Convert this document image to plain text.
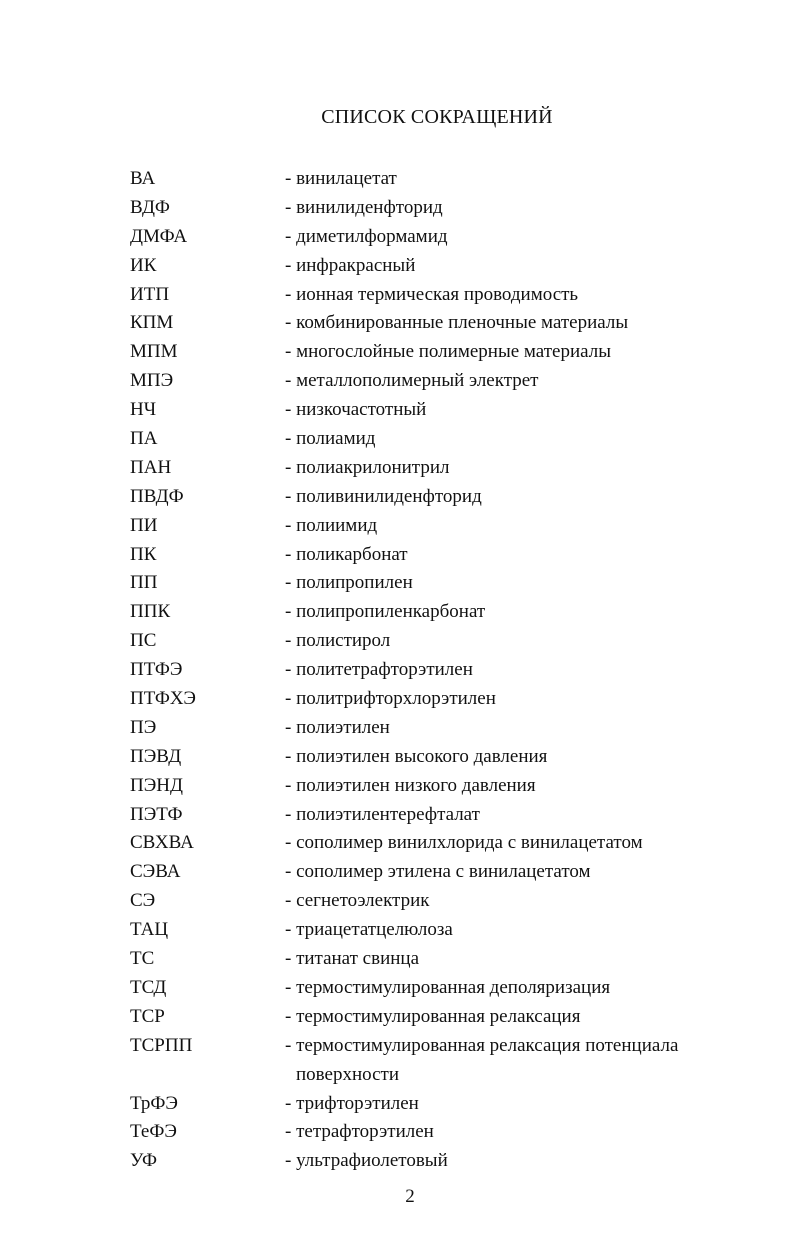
СПИСОК СОКРАЩЕНИЙ
ВА	- винилацетат
ВДФ	- винилиденфторид
ДМФА	- диметилформамид
ИК	- инфракрасный
ИТП	- ионная термическая проводимость
КПМ	- комбинированные пленочные материалы
МПМ	- многослойные полимерные материалы
МПЭ	- металлополимерный электрет
НЧ	- низкочастотный
ПА	- полиамид
ПАН	- полиакрилонитрил
ПВДФ	- поливинилиденфторид
ПИ	- полиимид
ПК	- поликарбонат
ПП	- полипропилен
ППК	- полипропиленкарбонат
ПС	- полистирол
ПТФЭ	- политетрафторэтилен
ПТФХЭ	- политрифторхлорэтилен
ПЭ	- полиэтилен
ПЭВД	- полиэтилен высокого давления
ПЭНД	- полиэтилен низкого давления
ПЭТФ	- полиэтилентерефталат
СВХВА	- сополимер винилхлорида с винилацетатом
СЭВА	- сополимер этилена с винилацетатом
СЭ	- сегнетоэлектрик
ТАЦ	- триацетатцелюлоза
ТС	- титанат свинца
ТСД	- термостимулированная деполяризация
ТСР	- термостимулированная релаксация
ТСРПП	- термостимулированная релаксация потенциала
поверхности
ТрФЭ	- трифторэтилен
ТеФЭ	- тетрафторэтилен
УФ	- ультрафиолетовый
2
